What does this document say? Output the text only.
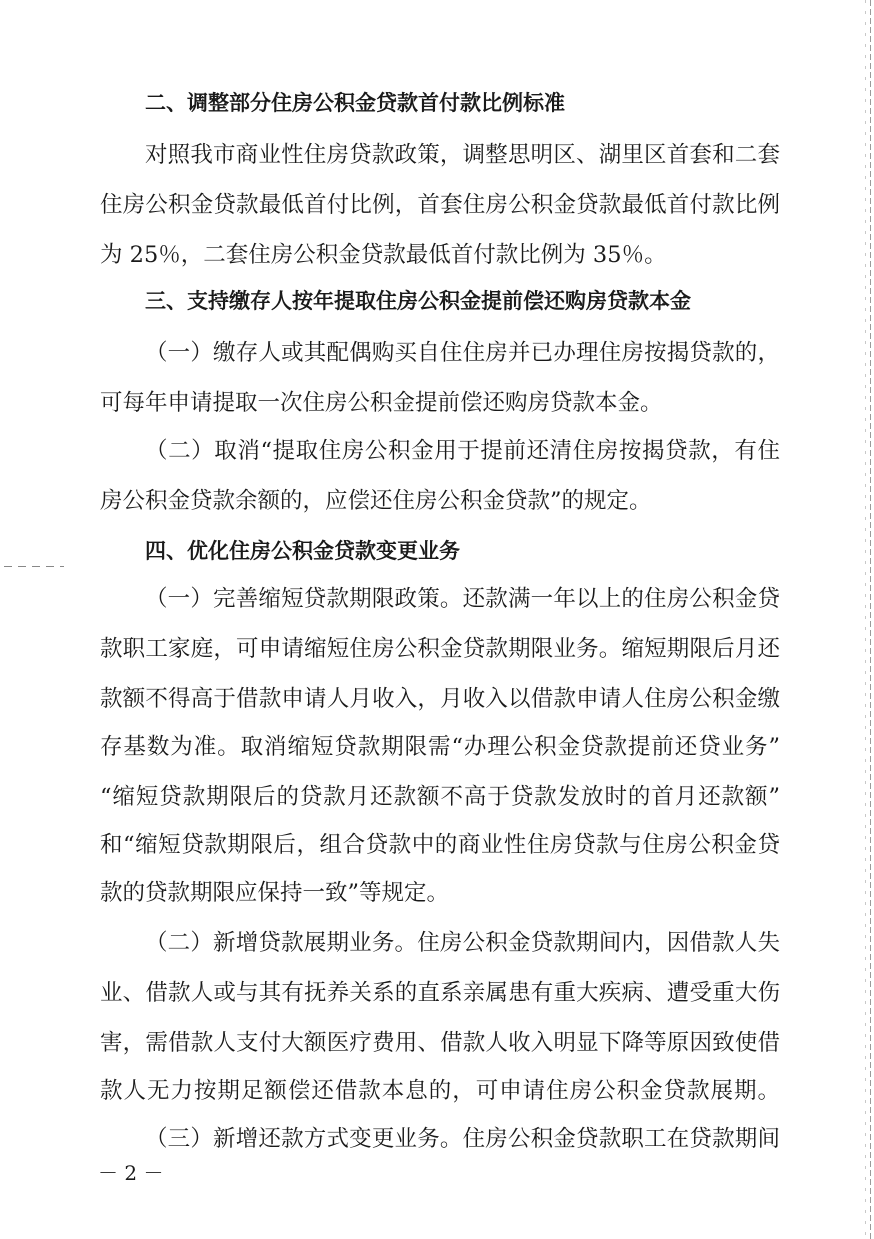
二、调整部分住房公积金贷款首付款比例标准
对照我市商业性住房贷款政策，调整思明区、湖里区首套和二套
住房公积金贷款最低首付比例，首套住房公积金贷款最低首付款比例
为 25％，二套住房公积金贷款最低首付款比例为 35％。
三、支持缴存人按年提取住房公积金提前偿还购房贷款本金
（一）缴存人或其配偶购买自住住房并已办理住房按揭贷款的，
可每年申请提取一次住房公积金提前偿还购房贷款本金。
（二）取消“提取住房公积金用于提前还清住房按揭贷款，有住
房公积金贷款余额的，应偿还住房公积金贷款”的规定。
四、优化住房公积金贷款变更业务
（一）完善缩短贷款期限政策。还款满一年以上的住房公积金贷
款职工家庭，可申请缩短住房公积金贷款期限业务。缩短期限后月还
款额不得高于借款申请人月收入，月收入以借款申请人住房公积金缴
存基数为准。取消缩短贷款期限需“办理公积金贷款提前还贷业务”
“缩短贷款期限后的贷款月还款额不高于贷款发放时的首月还款额”
和“缩短贷款期限后，组合贷款中的商业性住房贷款与住房公积金贷
款的贷款期限应保持一致”等规定。
（二）新增贷款展期业务。住房公积金贷款期间内，因借款人失
业、借款人或与其有抚养关系的直系亲属患有重大疾病、遭受重大伤
害，需借款人支付大额医疗费用、借款人收入明显下降等原因致使借
款人无力按期足额偿还借款本息的，可申请住房公积金贷款展期。
（三）新增还款方式变更业务。住房公积金贷款职工在贷款期间
－ 2 －
